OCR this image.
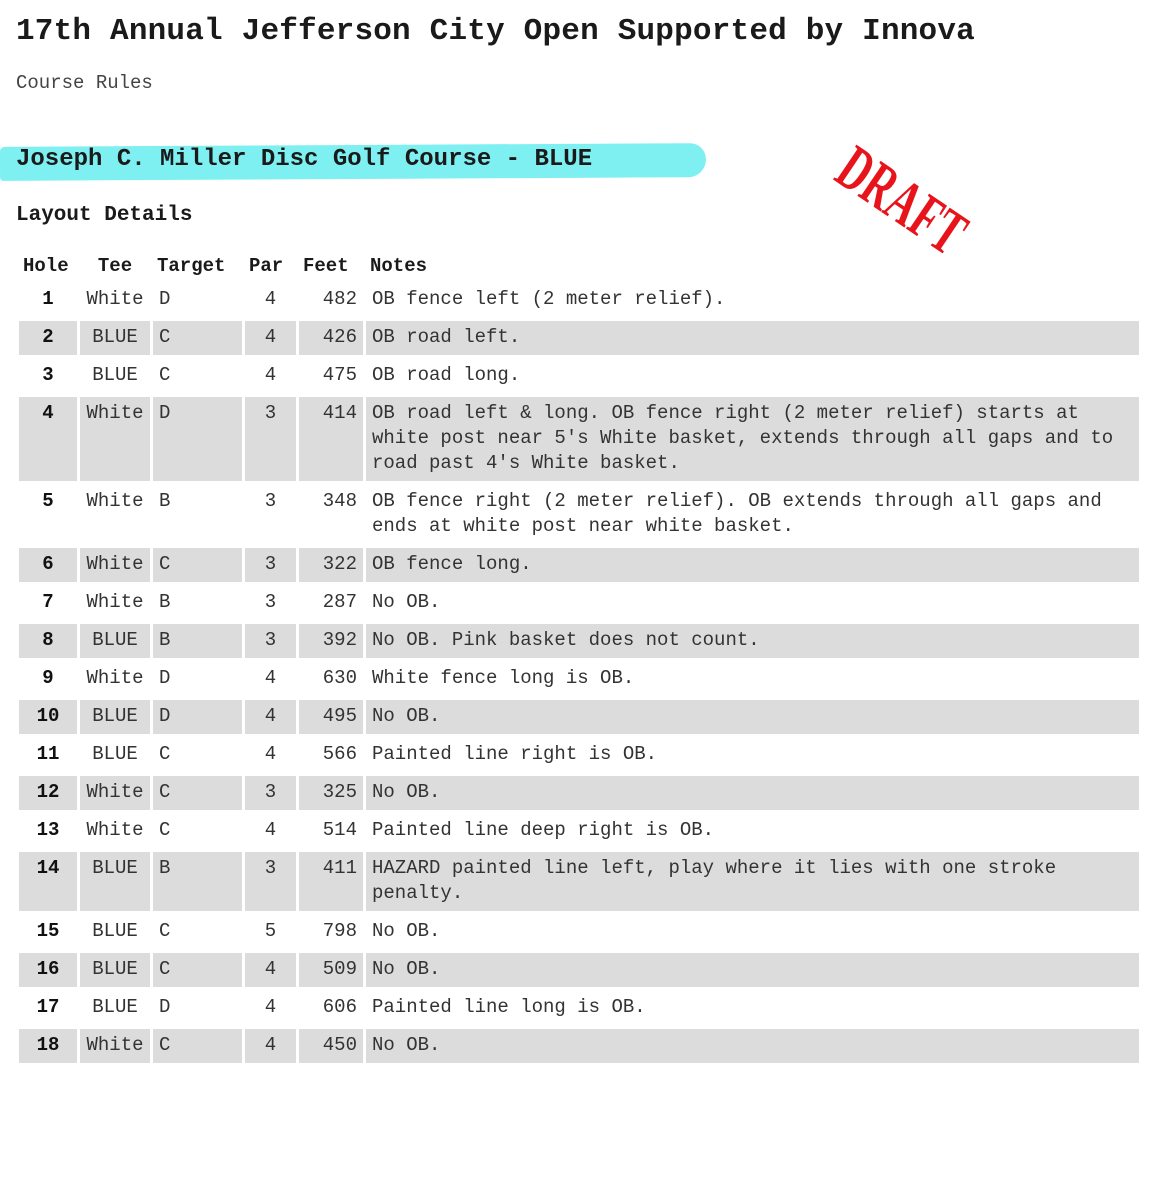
17th Annual Jefferson City Open Supported by Innova
Course Rules
Joseph C. Miller Disc Golf Course - BLUE	DRAFT
Layout Details
Hole	Tee	Target	Par	Feet	Notes
1	White	D	4	482	OB fence left (2 meter relief).
2	BLUE	C	4	426	OB road left.
3	BLUE	C	4	475	OB road long.
4	White	D	3	414	OB road left & long. OB fence right (2 meter relief) starts at white post near 5's White basket, extends through all gaps and to road past 4's White basket.
5	White	B	3	348	OB fence right (2 meter relief). OB extends through all gaps and ends at white post near white basket.
6	White	C	3	322	OB fence long.
7	White	B	3	287	No OB.
8	BLUE	B	3	392	No OB. Pink basket does not count.
9	White	D	4	630	White fence long is OB.
10	BLUE	D	4	495	No OB.
11	BLUE	C	4	566	Painted line right is OB.
12	White	C	3	325	No OB.
13	White	C	4	514	Painted line deep right is OB.
14	BLUE	B	3	411	HAZARD painted line left, play where it lies with one stroke penalty.
15	BLUE	C	5	798	No OB.
16	BLUE	C	4	509	No OB.
17	BLUE	D	4	606	Painted line long is OB.
18	White	C	4	450	No OB.
